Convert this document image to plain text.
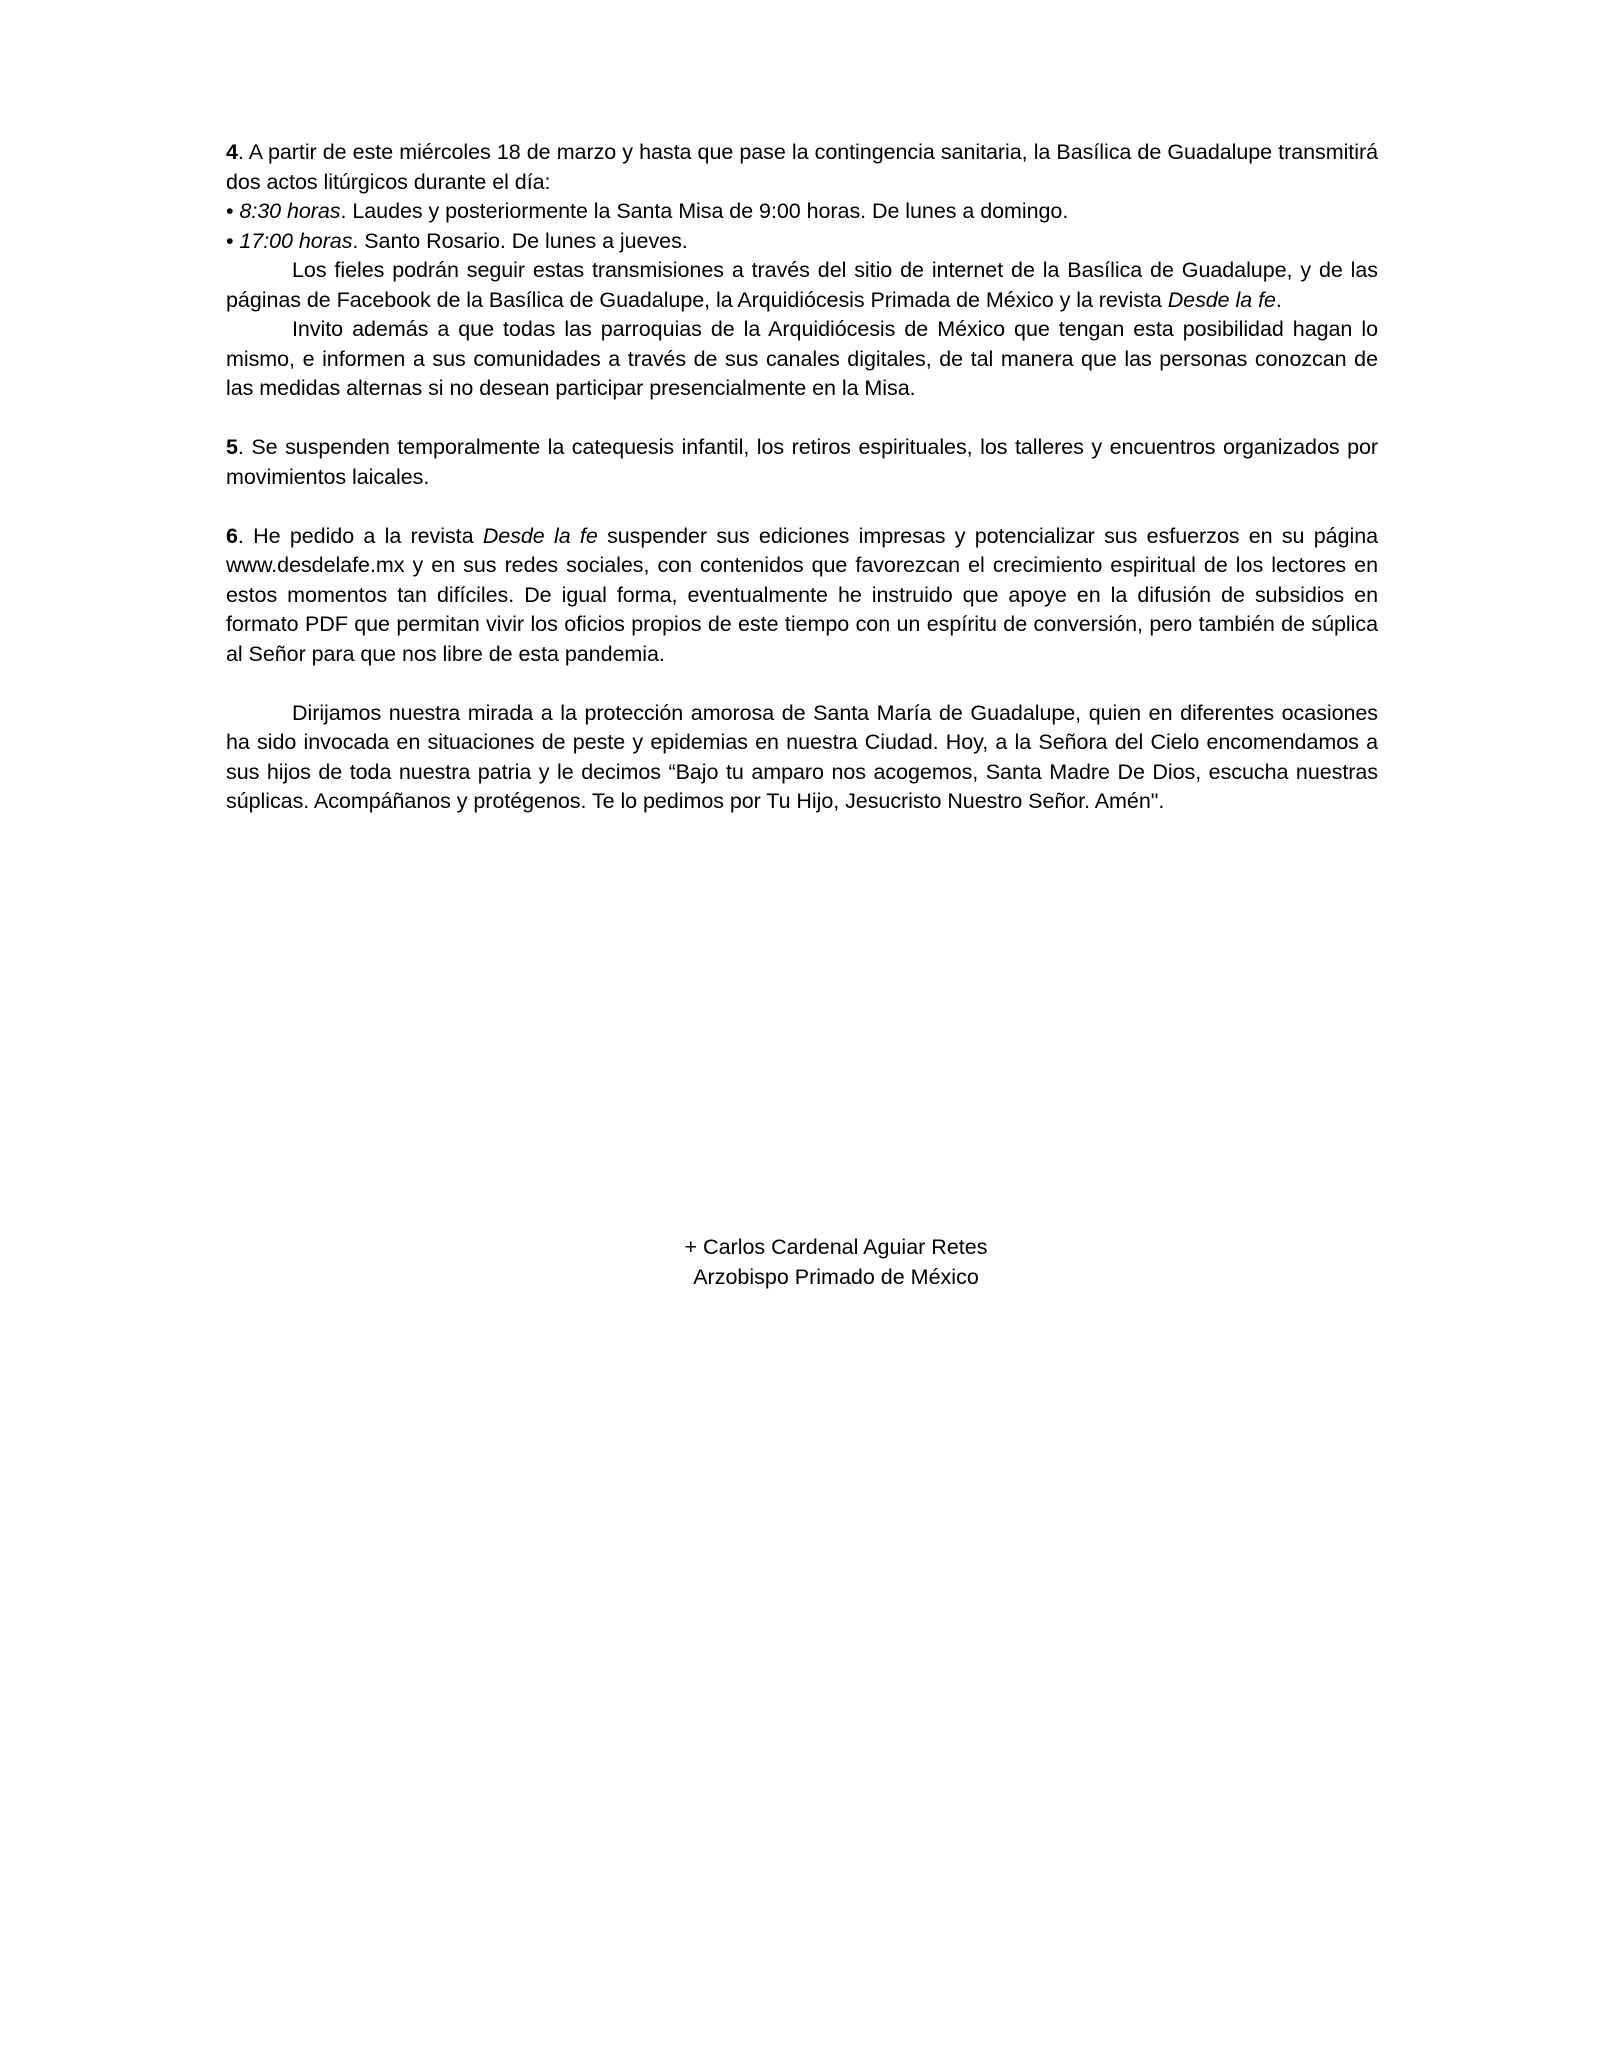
4. A partir de este miércoles 18 de marzo y hasta que pase la contingencia sanitaria, la Basílica de Guadalupe transmitirá dos actos litúrgicos durante el día:

• 8:30 horas. Laudes y posteriormente la Santa Misa de 9:00 horas. De lunes a domingo.

• 17:00 horas. Santo Rosario. De lunes a jueves.

Los fieles podrán seguir estas transmisiones a través del sitio de internet de la Basílica de Guadalupe, y de las páginas de Facebook de la Basílica de Guadalupe, la Arquidiócesis Primada de México y la revista Desde la fe.

Invito además a que todas las parroquias de la Arquidiócesis de México que tengan esta posibilidad hagan lo mismo, e informen a sus comunidades a través de sus canales digitales, de tal manera que las personas conozcan de las medidas alternas si no desean participar presencialmente en la Misa.

5. Se suspenden temporalmente la catequesis infantil, los retiros espirituales, los talleres y encuentros organizados por movimientos laicales.

6. He pedido a la revista Desde la fe suspender sus ediciones impresas y potencializar sus esfuerzos en su página www.desdelafe.mx y en sus redes sociales, con contenidos que favorezcan el crecimiento espiritual de los lectores en estos momentos tan difíciles. De igual forma, eventualmente he instruido que apoye en la difusión de subsidios en formato PDF que permitan vivir los oficios propios de este tiempo con un espíritu de conversión, pero también de súplica al Señor para que nos libre de esta pandemia.

Dirijamos nuestra mirada a la protección amorosa de Santa María de Guadalupe, quien en diferentes ocasiones ha sido invocada en situaciones de peste y epidemias en nuestra Ciudad. Hoy, a la Señora del Cielo encomendamos a sus hijos de toda nuestra patria y le decimos “Bajo tu amparo nos acogemos, Santa Madre De Dios, escucha nuestras súplicas. Acompáñanos y protégenos. Te lo pedimos por Tu Hijo, Jesucristo Nuestro Señor. Amén".

+ Carlos Cardenal Aguiar Retes

Arzobispo Primado de México
